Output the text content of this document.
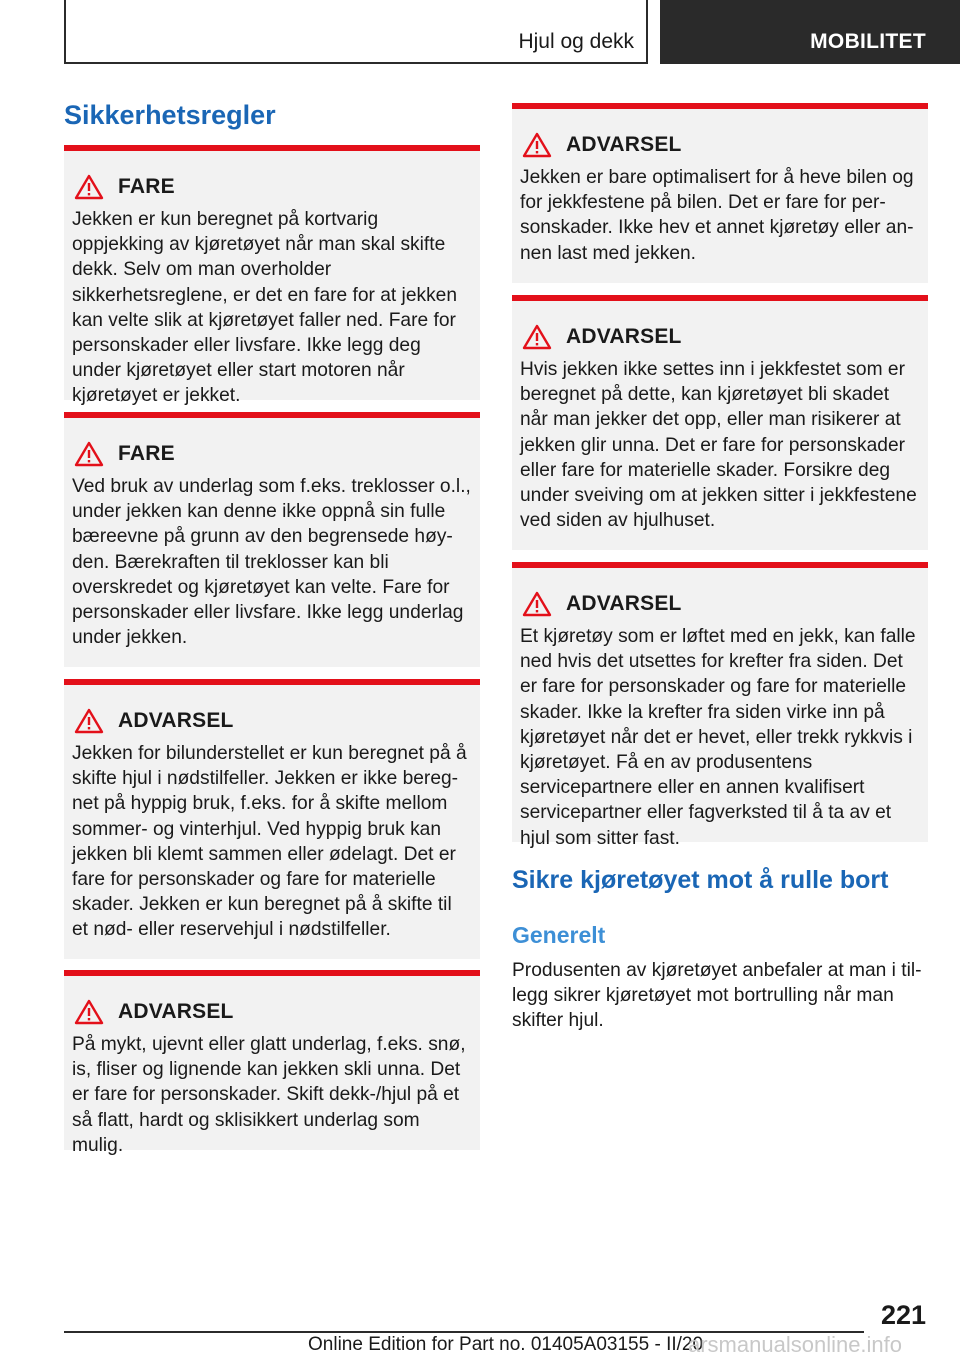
Hjul og dekk	MOBILITET
Sikkerhetsregler
FARE

Jekken er kun beregnet på kortvarig oppjekking av kjøretøyet når man skal skifte dekk. Selv om man overholder sikkerhetsreglene, er det en fare for at jekken kan velte slik at kjøretøyet faller ned. Fare for personskader eller livsfare. Ikke legg deg under kjøretøyet eller start motoren når kjøretøyet er jekket.

FARE

Ved bruk av underlag som f.eks. treklosser o.l., under jekken kan denne ikke oppnå sin fulle bæreevne på grunn av den begrensede høyden. Bærekraften til treklosser kan bli overskredet og kjøretøyet kan velte. Fare for personskader eller livsfare. Ikke legg underlag under jekken.

ADVARSEL

Jekken for bilunderstellet er kun beregnet på å skifte hjul i nødstilfeller. Jekken er ikke beregnet på hyppig bruk, f.eks. for å skifte mellom sommer- og vinterhjul. Ved hyppig bruk kan jekken bli klemt sammen eller ødelagt. Det er fare for personskader og fare for materielle skader. Jekken er kun beregnet på å skifte til et nød- eller reservehjul i nødstilfeller.

ADVARSEL

På mykt, ujevnt eller glatt underlag, f.eks. snø, is, fliser og lignende kan jekken skli unna. Det er fare for personskader. Skift dekk-/hjul på et så flatt, hardt og sklisikkert underlag som mulig.

ADVARSEL

Jekken er bare optimalisert for å heve bilen og for jekkfestene på bilen. Det er fare for personskader. Ikke hev et annet kjøretøy eller annen last med jekken.

ADVARSEL

Hvis jekken ikke settes inn i jekkfestet som er beregnet på dette, kan kjøretøyet bli skadet når man jekker det opp, eller man risikerer at jekken glir unna. Det er fare for personskader eller fare for materielle skader. Forsikre deg under sveiving om at jekken sitter i jekkfestene ved siden av hjulhuset.

ADVARSEL

Et kjøretøy som er løftet med en jekk, kan falle ned hvis det utsettes for krefter fra siden. Det er fare for personskader og fare for materielle skader. Ikke la krefter fra siden virke inn på kjøretøyet når det er hevet, eller trekk rykkvis i kjøretøyet. Få en av produsentens servicepartnere eller en annen kvalifisert servicepartner eller fagverksted til å ta av et hjul som sitter fast.

Sikre kjøretøyet mot å rulle bort
Generelt

Produsenten av kjøretøyet anbefaler at man i tillegg sikrer kjøretøyet mot bortrulling når man skifter hjul.

221
Online Edition for Part no. 01405A03155 - II/20
arsmanualsonline.info
